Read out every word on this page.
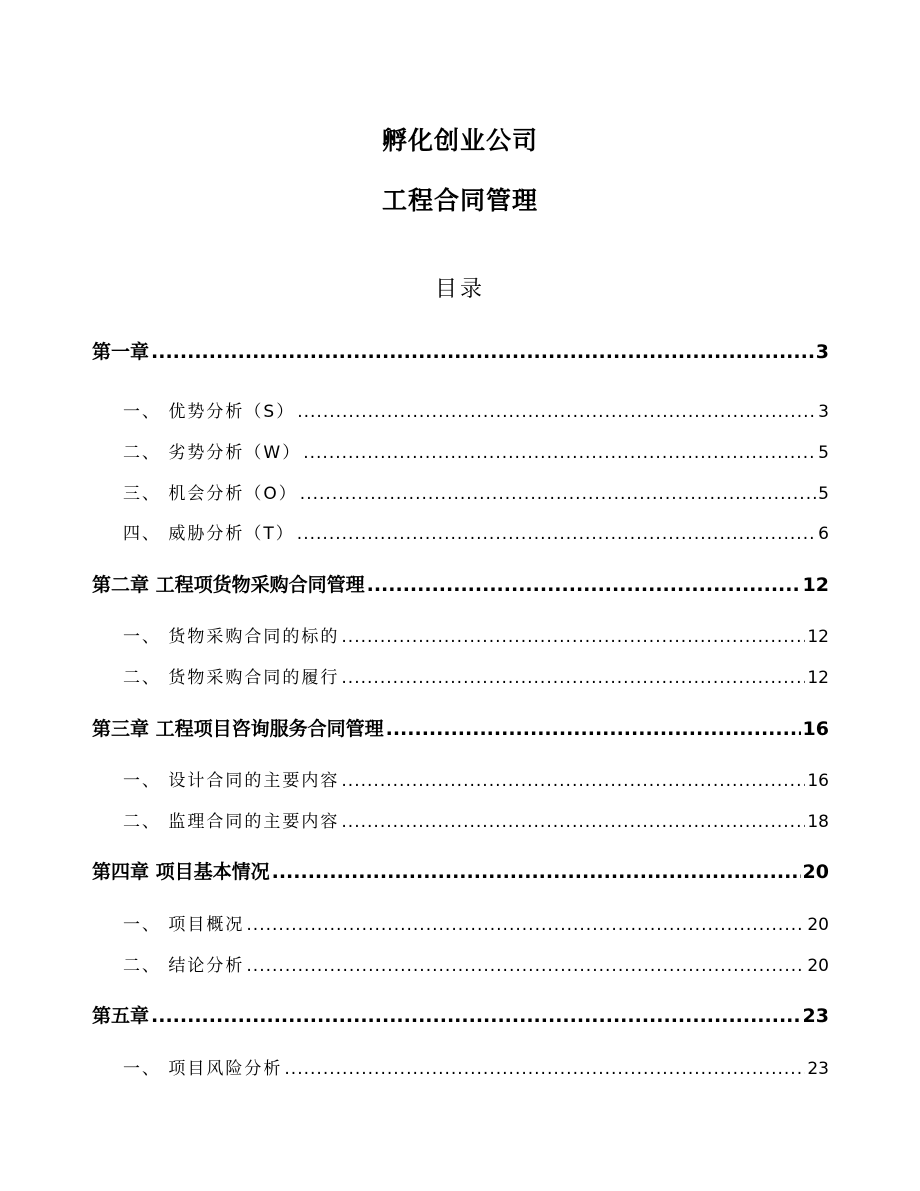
孵化创业公司
工程合同管理
目录
第一章 .....	3
一、 优势分析（S） .....	3
二、 劣势分析（W） .....	5
三、 机会分析（O） .....	5
四、 威胁分析（T） .....	6
第二章 工程项货物采购合同管理 .....	12
一、 货物采购合同的标的 .....	12
二、 货物采购合同的履行 .....	12
第三章 工程项目咨询服务合同管理 .....	16
一、 设计合同的主要内容 .....	16
二、 监理合同的主要内容 .....	18
第四章 项目基本情况 .....	20
一、 项目概况 .....	20
二、 结论分析 .....	20
第五章 .....	23
一、 项目风险分析 .....	23
